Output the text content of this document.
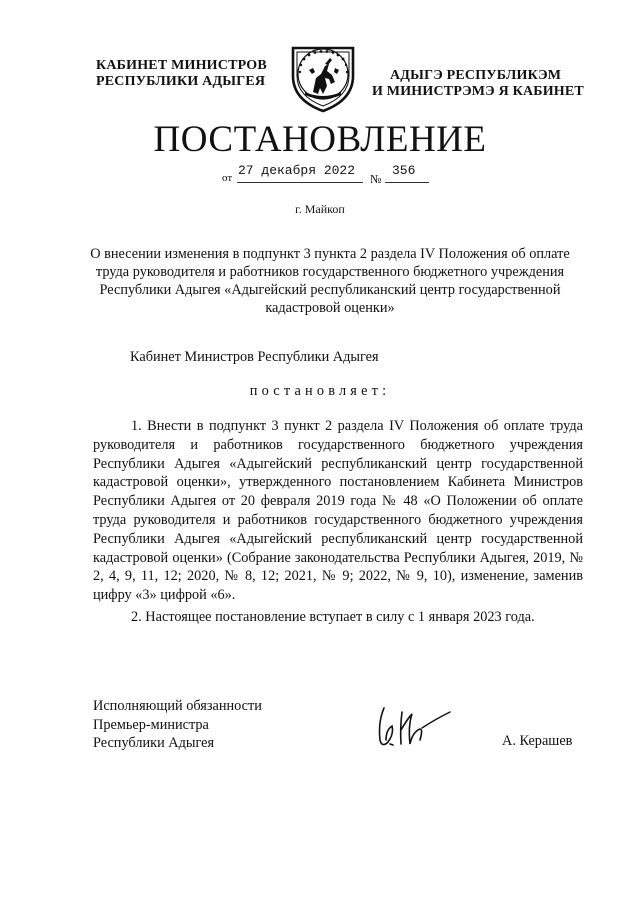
КАБИНЕТ МИНИСТРОВ
РЕСПУБЛИКИ АДЫГЕЯ	АДЫГЭ РЕСПУБЛИКЭМ
И МИНИСТРЭМЭ Я КАБИНЕТ
ПОСТАНОВЛЕНИЕ
от 27 декабря 2022
№
356
г. Майкоп
О внесении изменения в подпункт 3 пункта 2 раздела IV Положения об оплате труда руководителя и работников государственного бюджетного учреждения Республики Адыгея «Адыгейский республиканский центр государственной кадастровой оценки»
Кабинет Министров Республики Адыгея
постановляет:
1. Внести в подпункт 3 пункт 2 раздела IV Положения об оплате труда руководителя и работников государственного бюджетного учреждения Республики Адыгея «Адыгейский республиканский центр государственной кадастровой оценки», утвержденного постановлением Кабинета Министров Республики Адыгея от 20 февраля 2019 года № 48 «О Положении об оплате труда руководителя и работников государственного бюджетного учреждения Республики Адыгея «Адыгейский республиканский центр государственной кадастровой оценки» (Собрание законодательства Республики Адыгея, 2019, № 2, 4, 9, 11, 12; 2020, № 8, 12; 2021, № 9; 2022, № 9, 10), изменение, заменив цифру «3» цифрой «6».
2. Настоящее постановление вступает в силу с 1 января 2023 года.
Исполняющий обязанности
Премьер-министра
Республики Адыгея	А. Керашев
